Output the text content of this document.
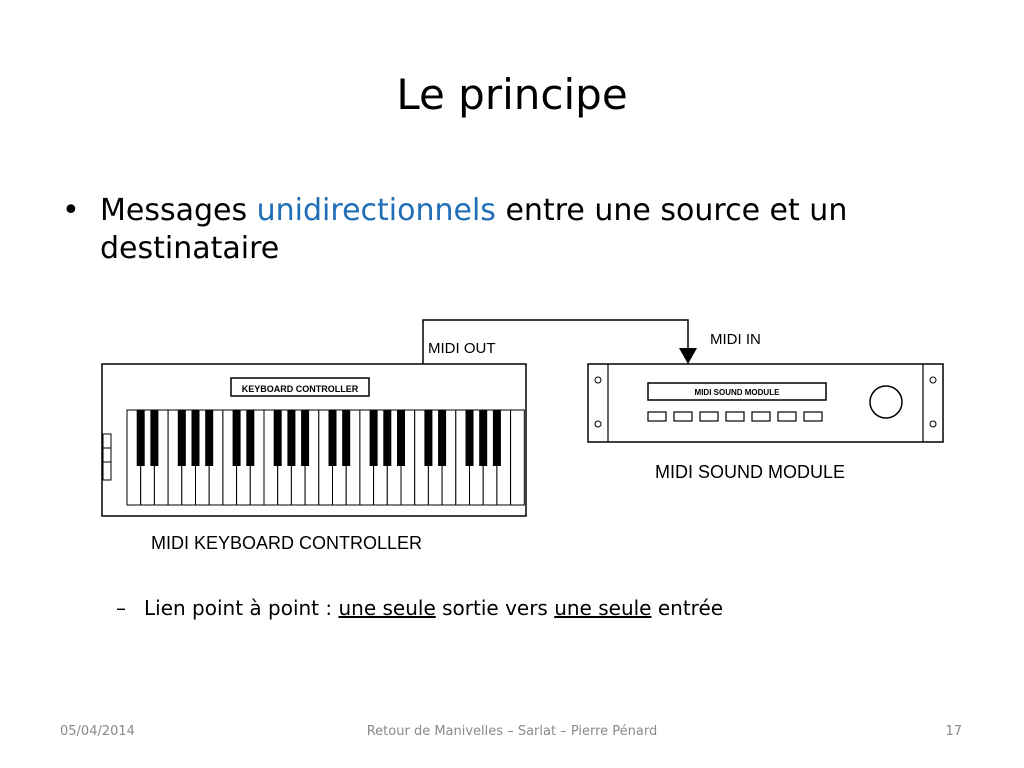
Le principe
• Messages unidirectionnels entre une source et un destinataire
MIDI OUT
MIDI IN
KEYBOARD CONTROLLER
MIDI KEYBOARD CONTROLLER
MIDI SOUND MODULE
MIDI SOUND MODULE
– Lien point à point : une seule sortie vers une seule entrée
05/04/2014	Retour de Manivelles – Sarlat – Pierre Pénard	17
